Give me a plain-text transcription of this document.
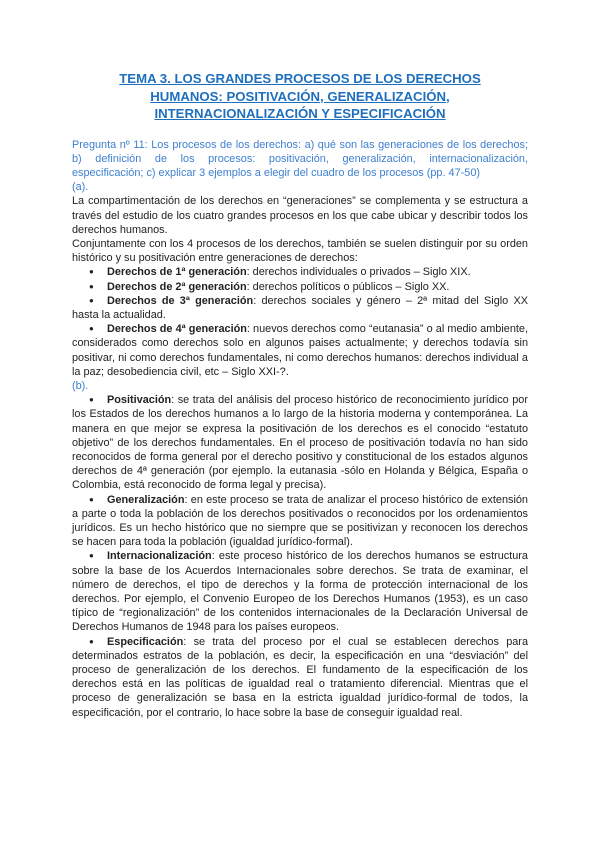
TEMA 3. LOS GRANDES PROCESOS DE LOS DERECHOS
HUMANOS: POSITIVACIÓN, GENERALIZACIÓN,
INTERNACIONALIZACIÓN Y ESPECIFICACIÓN

Pregunta nº 11: Los procesos de los derechos: a) qué son las generaciones de los derechos; b) definición de los procesos: positivación, generalización, internacionalización, especificación; c) explicar 3 ejemplos a elegir del cuadro de los procesos (pp. 47-50)

(a).

La compartimentación de los derechos en “generaciones” se complementa y se estructura a través del estudio de los cuatro grandes procesos en los que cabe ubicar y describir todos los derechos humanos.

Conjuntamente con los 4 procesos de los derechos, también se suelen distinguir por su orden histórico y su positivación entre generaciones de derechos:

● Derechos de 1ª generación: derechos individuales o privados – Siglo XIX.
● Derechos de 2ª generación: derechos políticos o públicos – Siglo XX.
● Derechos de 3ª generación: derechos sociales y género – 2ª mitad del Siglo XX hasta la actualidad.
● Derechos de 4ª generación: nuevos derechos como “eutanasia” o al medio ambiente, considerados como derechos solo en algunos paises actualmente; y derechos todavía sin positivar, ni como derechos fundamentales, ni como derechos humanos: derechos individual a la paz; desobediencia civil, etc – Siglo XXI-?.

(b).

● Positivación: se trata del análisis del proceso histórico de reconocimiento jurídico por los Estados de los derechos humanos a lo largo de la historia moderna y contemporánea. La manera en que mejor se expresa la positivación de los derechos es el conocido “estatuto objetivo” de los derechos fundamentales. En el proceso de positivación todavía no han sido reconocidos de forma general por el derecho positivo y constitucional de los estados algunos derechos de 4ª generación (por ejemplo. la eutanasia -sólo en Holanda y Bélgica, España o Colombia, está reconocido de forma legal y precisa).
● Generalización: en este proceso se trata de analizar el proceso histórico de extensión a parte o toda la población de los derechos positivados o reconocidos por los ordenamientos jurídicos. Es un hecho histórico que no siempre que se positivizan y reconocen los derechos se hacen para toda la población (igualdad jurídico-formal).
● Internacionalización: este proceso histórico de los derechos humanos se estructura sobre la base de los Acuerdos Internacionales sobre derechos. Se trata de examinar, el número de derechos, el tipo de derechos y la forma de protección internacional de los derechos. Por ejemplo, el Convenio Europeo de los Derechos Humanos (1953), es un caso típico de “regionalización” de los contenidos internacionales de la Declaración Universal de Derechos Humanos de 1948 para los países europeos.
● Especificación: se trata del proceso por el cual se establecen derechos para determinados estratos de la población, es decir, la especificación en una “desviación” del proceso de generalización de los derechos. El fundamento de la especificación de los derechos está en las políticas de igualdad real o tratamiento diferencial. Mientras que el proceso de generalización se basa en la estricta igualdad jurídico-formal de todos, la especificación, por el contrario, lo hace sobre la base de conseguir igualdad real.
